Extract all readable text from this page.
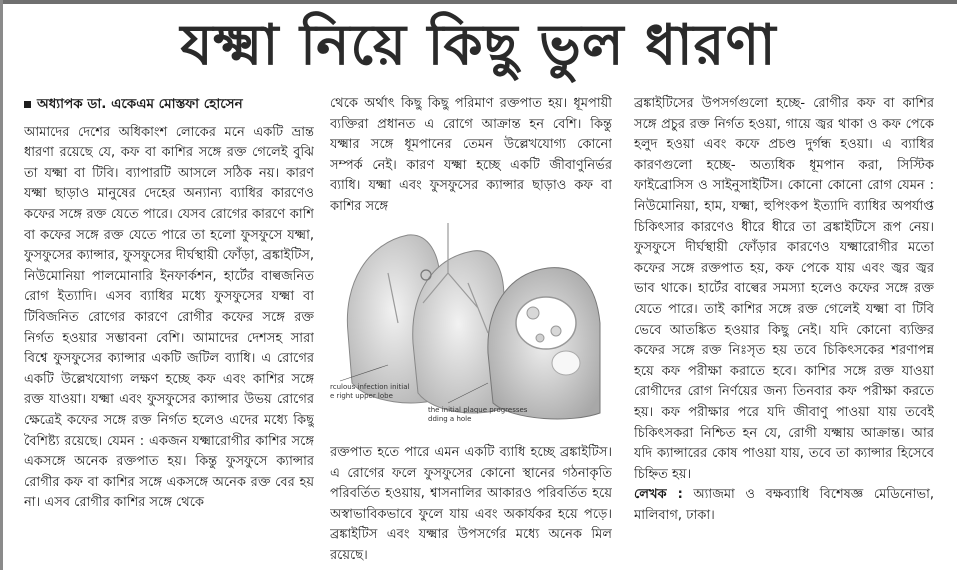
যক্ষ্মা নিয়ে কিছু ভুল ধারণা

অধ্যাপক ডা. একেএম মোস্তফা হোসেন

আমাদের দেশের অধিকাংশ লোকের মনে একটি ভ্রান্ত ধারণা রয়েছে যে, কফ বা কাশির সঙ্গে রক্ত গেলেই বুঝি তা যক্ষ্মা বা টিবি। ব্যাপারটি আসলে সঠিক নয়। কারণ যক্ষ্মা ছাড়াও মানুষের দেহের অন্যান্য ব্যাধির কারণেও কফের সঙ্গে রক্ত যেতে পারে। যেসব রোগের কারণে কাশি বা কফের সঙ্গে রক্ত যেতে পারে তা হলো ফুসফুসে যক্ষ্মা, ফুসফুসের ক্যান্সার, ফুসফুসের দীর্ঘস্থায়ী ফোঁড়া, ব্রঙ্কাইটিস, নিউমোনিয়া পালমোনারি ইনফার্কশন, হার্টের বাল্বজনিত রোগ ইত্যাদি। এসব ব্যাধির মধ্যে ফুসফুসের যক্ষ্মা বা টিবিজনিত রোগের কারণে রোগীর কফের সঙ্গে রক্ত নির্গত হওয়ার সম্ভাবনা বেশি। আমাদের দেশসহ সারা বিশ্বে ফুসফুসের ক্যান্সার একটি জটিল ব্যাধি। এ রোগের একটি উল্লেখযোগ্য লক্ষণ হচ্ছে কফ এবং কাশির সঙ্গে রক্ত যাওয়া। যক্ষ্মা এবং ফুসফুসের ক্যান্সার উভয় রোগের ক্ষেত্রেই কফের সঙ্গে রক্ত নির্গত হলেও এদের মধ্যে কিছু বৈশিষ্ট্য রয়েছে। যেমন : একজন যক্ষ্মারোগীর কাশির সঙ্গে একসঙ্গে অনেক রক্তপাত হয়। কিন্তু ফুসফুসে ক্যান্সার রোগীর কফ বা কাশির সঙ্গে একসঙ্গে অনেক রক্ত বের হয় না। এসব রোগীর কাশির সঙ্গে থেকে

থেকে অর্থাৎ কিছু কিছু পরিমাণ রক্তপাত হয়। ধূমপায়ী ব্যক্তিরা প্রধানত এ রোগে আক্রান্ত হন বেশি। কিন্তু যক্ষ্মার সঙ্গে ধূমপানের তেমন উল্লেখযোগ্য কোনো সম্পর্ক নেই। কারণ যক্ষ্মা হচ্ছে একটি জীবাণুনির্ভর ব্যাধি। যক্ষ্মা এবং ফুসফুসের ক্যান্সার ছাড়াও কফ বা কাশির সঙ্গে

rculous infection initial
e right upper lobe
the initial plaque progresses
dding a hole

রক্তপাত হতে পারে এমন একটি ব্যাধি হচ্ছে ব্রঙ্কাইটিস। এ রোগের ফলে ফুসফুসের কোনো স্থানের গঠনাকৃতি পরিবর্তিত হওয়ায়, শ্বাসনালির আকারও পরিবর্তিত হয়ে অস্বাভাবিকভাবে ফুলে যায় এবং অকার্যকর হয়ে পড়ে। ব্রঙ্কাইটিস এবং যক্ষ্মার উপসর্গের মধ্যে অনেক মিল রয়েছে।

ব্রঙ্কাইটিসের উপসর্গগুলো হচ্ছে- রোগীর কফ বা কাশির সঙ্গে প্রচুর রক্ত নির্গত হওয়া, গায়ে জ্বর থাকা ও কফ পেকে হলুদ হওয়া এবং কফে প্রচণ্ড দুর্গন্ধ হওয়া। এ ব্যাধির কারণগুলো হচ্ছে- অত্যধিক ধূমপান করা, সিস্টিক ফাইব্রোসিস ও সাইনুসাইটিস। কোনো কোনো রোগ যেমন : নিউমোনিয়া, হাম, যক্ষ্মা, হুপিংকপ ইত্যাদি ব্যাধির অপর্যাপ্ত চিকিৎসার কারণেও ধীরে ধীরে তা ব্রঙ্কাইটিসে রূপ নেয়। ফুসফুসে দীর্ঘস্থায়ী ফোঁড়ার কারণেও যক্ষ্মারোগীর মতো কফের সঙ্গে রক্তপাত হয়, কফ পেকে যায় এবং জ্বর জ্বর ভাব থাকে। হার্টের বাল্বের সমস্যা হলেও কফের সঙ্গে রক্ত যেতে পারে। তাই কাশির সঙ্গে রক্ত গেলেই যক্ষ্মা বা টিবি ভেবে আতঙ্কিত হওয়ার কিছু নেই। যদি কোনো ব্যক্তির কফের সঙ্গে রক্ত নিঃসৃত হয় তবে চিকিৎসকের শরণাপন্ন হয়ে কফ পরীক্ষা করাতে হবে। কাশির সঙ্গে রক্ত যাওয়া রোগীদের রোগ নির্ণয়ের জন্য তিনবার কফ পরীক্ষা করতে হয়। কফ পরীক্ষার পরে যদি জীবাণু পাওয়া যায় তবেই চিকিৎসকরা নিশ্চিত হন যে, রোগী যক্ষ্মায় আক্রান্ত। আর যদি ক্যান্সারের কোষ পাওয়া যায়, তবে তা ক্যান্সার হিসেবে চিহ্নিত হয়।

লেখক : অ্যাজমা ও বক্ষব্যাধি বিশেষজ্ঞ মেডিনোভা, মালিবাগ, ঢাকা।
